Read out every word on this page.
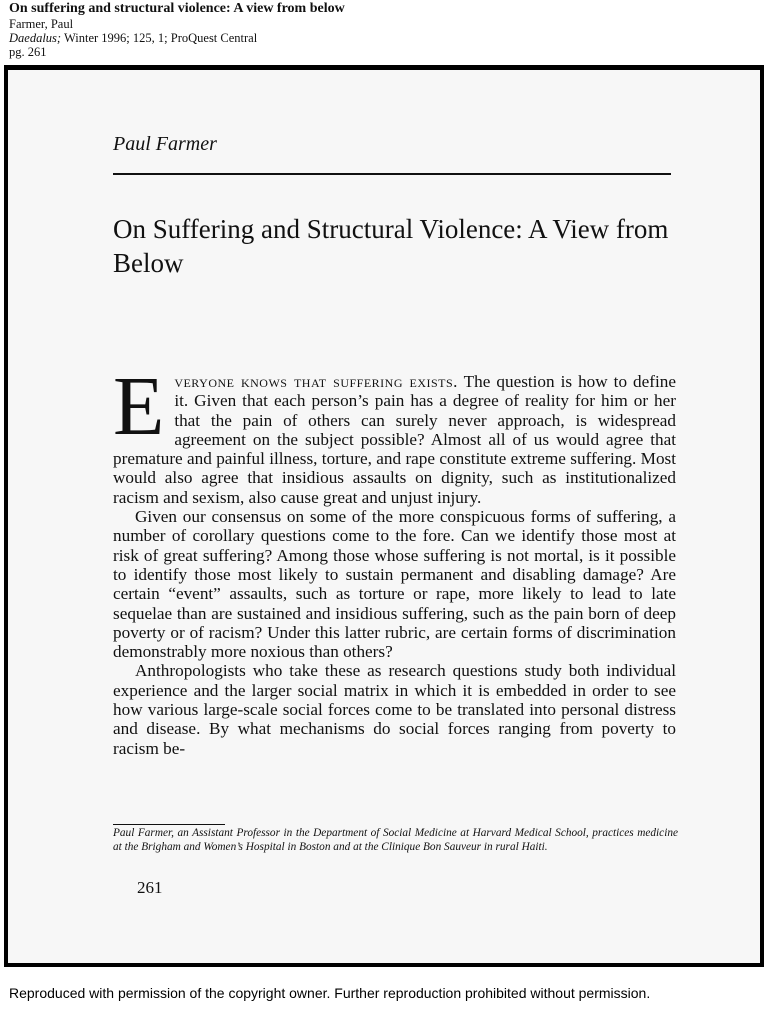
On suffering and structural violence: A view from below
Farmer, Paul
Daedalus; Winter 1996; 125, 1; ProQuest Central
pg. 261
Paul Farmer
On Suffering and Structural Violence: A View from Below

Everyone knows that suffering exists. The question is how to define it. Given that each person’s pain has a degree of reality for him or her that the pain of others can surely never approach, is widespread agreement on the subject possible? Almost all of us would agree that premature and painful illness, torture, and rape constitute extreme suffering. Most would also agree that insidious assaults on dignity, such as institutionalized racism and sexism, also cause great and unjust injury.

Given our consensus on some of the more conspicuous forms of suffering, a number of corollary questions come to the fore. Can we identify those most at risk of great suffering? Among those whose suffering is not mortal, is it possible to identify those most likely to sustain permanent and disabling damage? Are certain “event” assaults, such as torture or rape, more likely to lead to late sequelae than are sustained and insidious suffering, such as the pain born of deep poverty or of racism? Under this latter rubric, are certain forms of discrimination demonstrably more noxious than others?

Anthropologists who take these as research questions study both individual experience and the larger social matrix in which it is embedded in order to see how various large-scale social forces come to be translated into personal distress and disease. By what mechanisms do social forces ranging from poverty to racism be-

Paul Farmer, an Assistant Professor in the Department of Social Medicine at Harvard Medical School, practices medicine at the Brigham and Women’s Hospital in Boston and at the Clinique Bon Sauveur in rural Haiti.
261
Reproduced with permission of the copyright owner. Further reproduction prohibited without permission.
